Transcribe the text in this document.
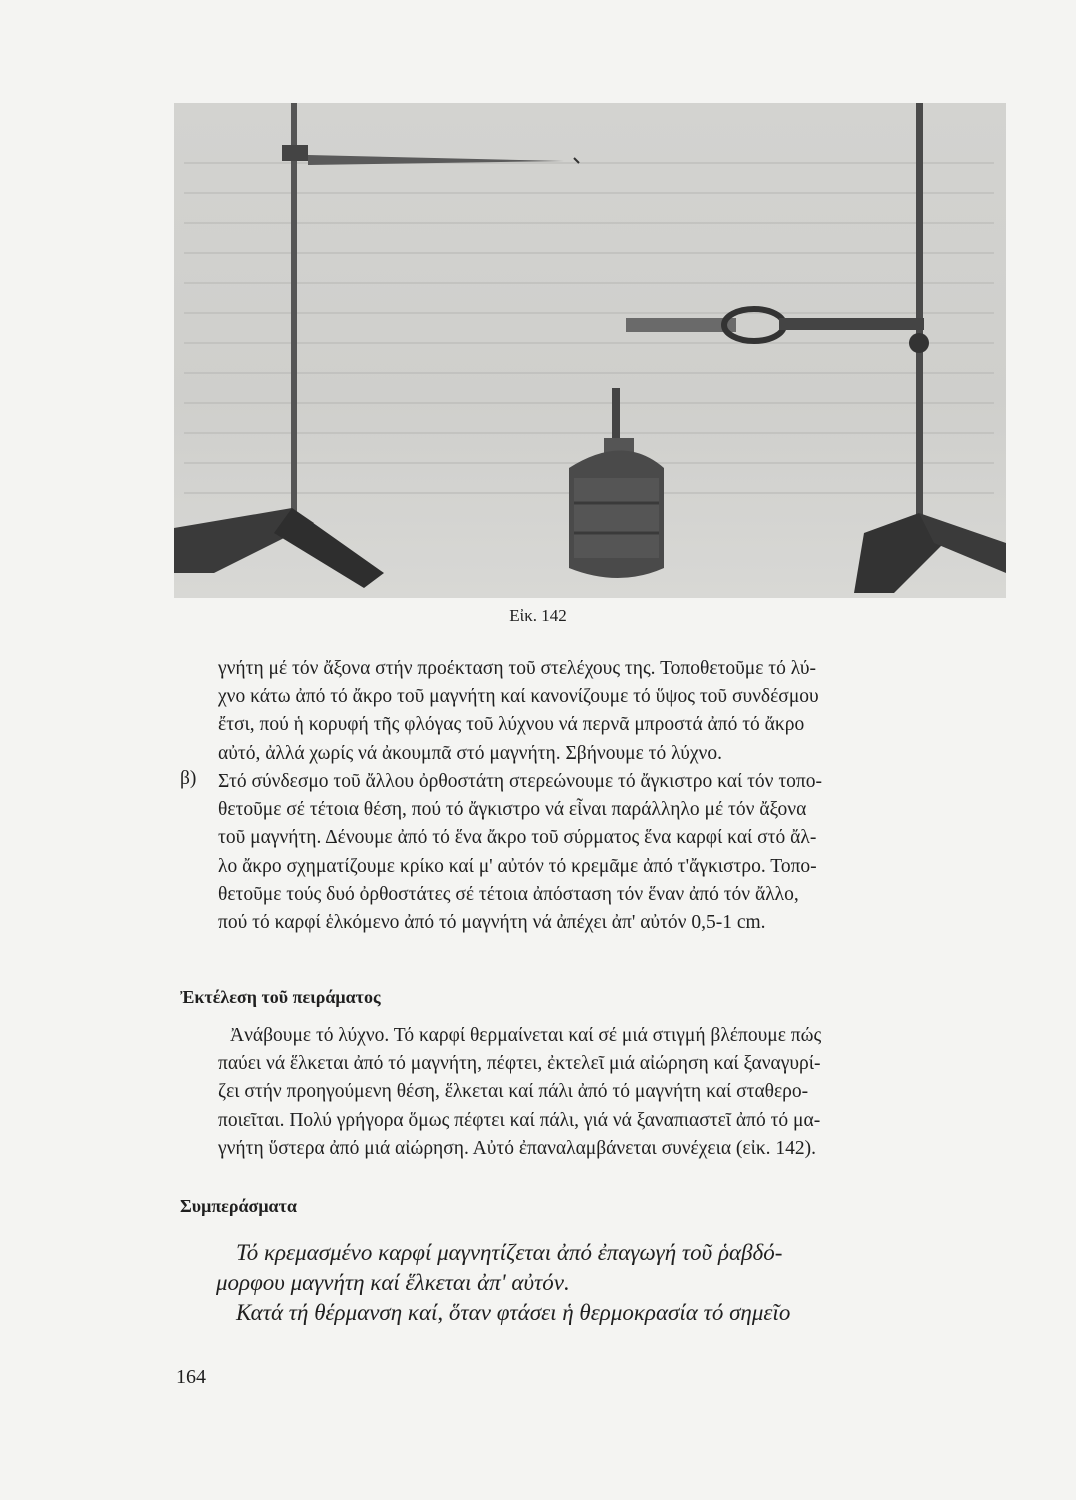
Εἰκ. 142
γνήτη μέ τόν ἄξονα στήν προέκταση τοῦ στελέχους της. Τοποθετοῦμε τό λύ-
χνο κάτω ἀπό τό ἄκρο τοῦ μαγνήτη καί κανονίζουμε τό ὕψος τοῦ συνδέσμου
ἔτσι, πού ἡ κορυφή τῆς φλόγας τοῦ λύχνου νά περνᾶ μπροστά ἀπό τό ἄκρο
αὐτό, ἀλλά χωρίς νά ἀκουμπᾶ στό μαγνήτη. Σβήνουμε τό λύχνο.
β) Στό σύνδεσμο τοῦ ἄλλου ὀρθοστάτη στερεώνουμε τό ἄγκιστρο καί τόν τοπο-
θετοῦμε σέ τέτοια θέση, πού τό ἄγκιστρο νά εἶναι παράλληλο μέ τόν ἄξονα
τοῦ μαγνήτη. Δένουμε ἀπό τό ἕνα ἄκρο τοῦ σύρματος ἕνα καρφί καί στό ἄλ-
λο ἄκρο σχηματίζουμε κρίκο καί μ' αὐτόν τό κρεμᾶμε ἀπό τ'ἄγκιστρο. Τοπο-
θετοῦμε τούς δυό ὀρθοστάτες σέ τέτοια ἀπόσταση τόν ἕναν ἀπό τόν ἄλλο,
πού τό καρφί ἑλκόμενο ἀπό τό μαγνήτη νά ἀπέχει ἀπ' αὐτόν 0,5-1 cm.
Ἐκτέλεση τοῦ πειράματος
Ἀνάβουμε τό λύχνο. Τό καρφί θερμαίνεται καί σέ μιά στιγμή βλέπουμε πώς
παύει νά ἕλκεται ἀπό τό μαγνήτη, πέφτει, ἐκτελεῖ μιά αἰώρηση καί ξαναγυρί-
ζει στήν προηγούμενη θέση, ἕλκεται καί πάλι ἀπό τό μαγνήτη καί σταθερο-
ποιεῖται. Πολύ γρήγορα ὅμως πέφτει καί πάλι, γιά νά ξαναπιαστεῖ ἀπό τό μα-
γνήτη ὕστερα ἀπό μιά αἰώρηση. Αὐτό ἐπαναλαμβάνεται συνέχεια (εἰκ. 142).
Συμπεράσματα
Τό κρεμασμένο καρφί μαγνητίζεται ἀπό ἐπαγωγή τοῦ ῥαβδό-
μορφου μαγνήτη καί ἕλκεται ἀπ' αὐτόν.
Κατά τή θέρμανση καί, ὅταν φτάσει ἡ θερμοκρασία τό σημεῖο
164
